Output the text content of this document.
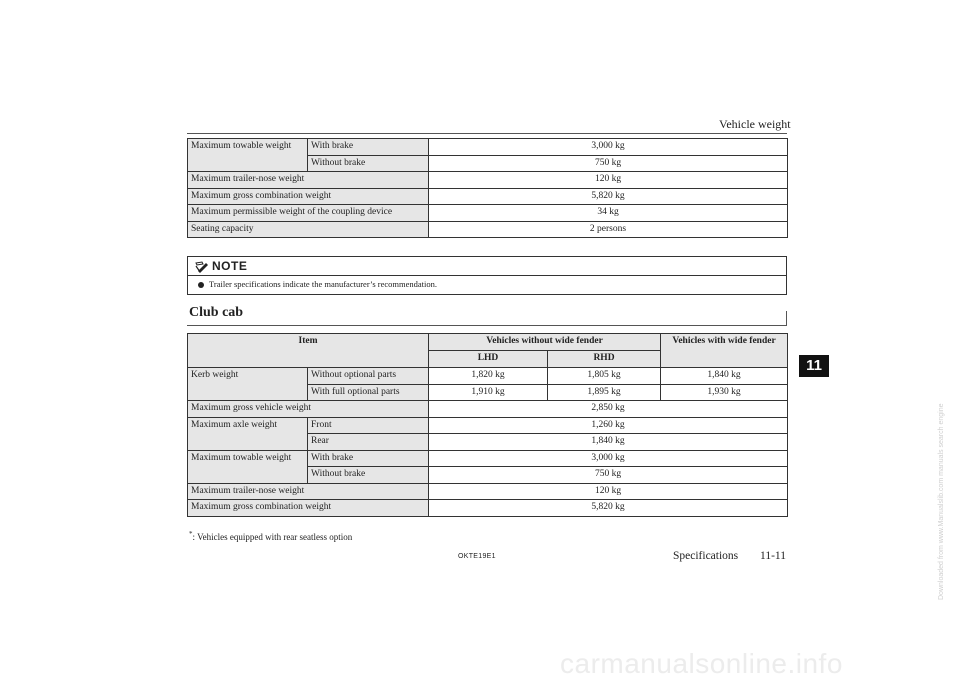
Vehicle weight
Maximum towable weight	With brake	3,000 kg
	Without brake	750 kg
Maximum trailer-nose weight		120 kg
Maximum gross combination weight		5,820 kg
Maximum permissible weight of the coupling device		34 kg
Seating capacity		2 persons
NOTE
Trailer specifications indicate the manufacturer’s recommendation.
Club cab
Item		Vehicles without wide fender		Vehicles with wide fender
		LHD	RHD	
Kerb weight	Without optional parts	1,820 kg	1,805 kg	1,840 kg
	With full optional parts	1,910 kg	1,895 kg	1,930 kg
Maximum gross vehicle weight		2,850 kg		
Maximum axle weight	Front	1,260 kg		
	Rear	1,840 kg		
Maximum towable weight	With brake	3,000 kg		
	Without brake	750 kg		
Maximum trailer-nose weight		120 kg		
Maximum gross combination weight		5,820 kg		
11
*: Vehicles equipped with rear seatless option
OKTE19E1	Specifications 11-11
carmanualsonline.info
Downloaded from www.Manualslib.com manuals search engine
